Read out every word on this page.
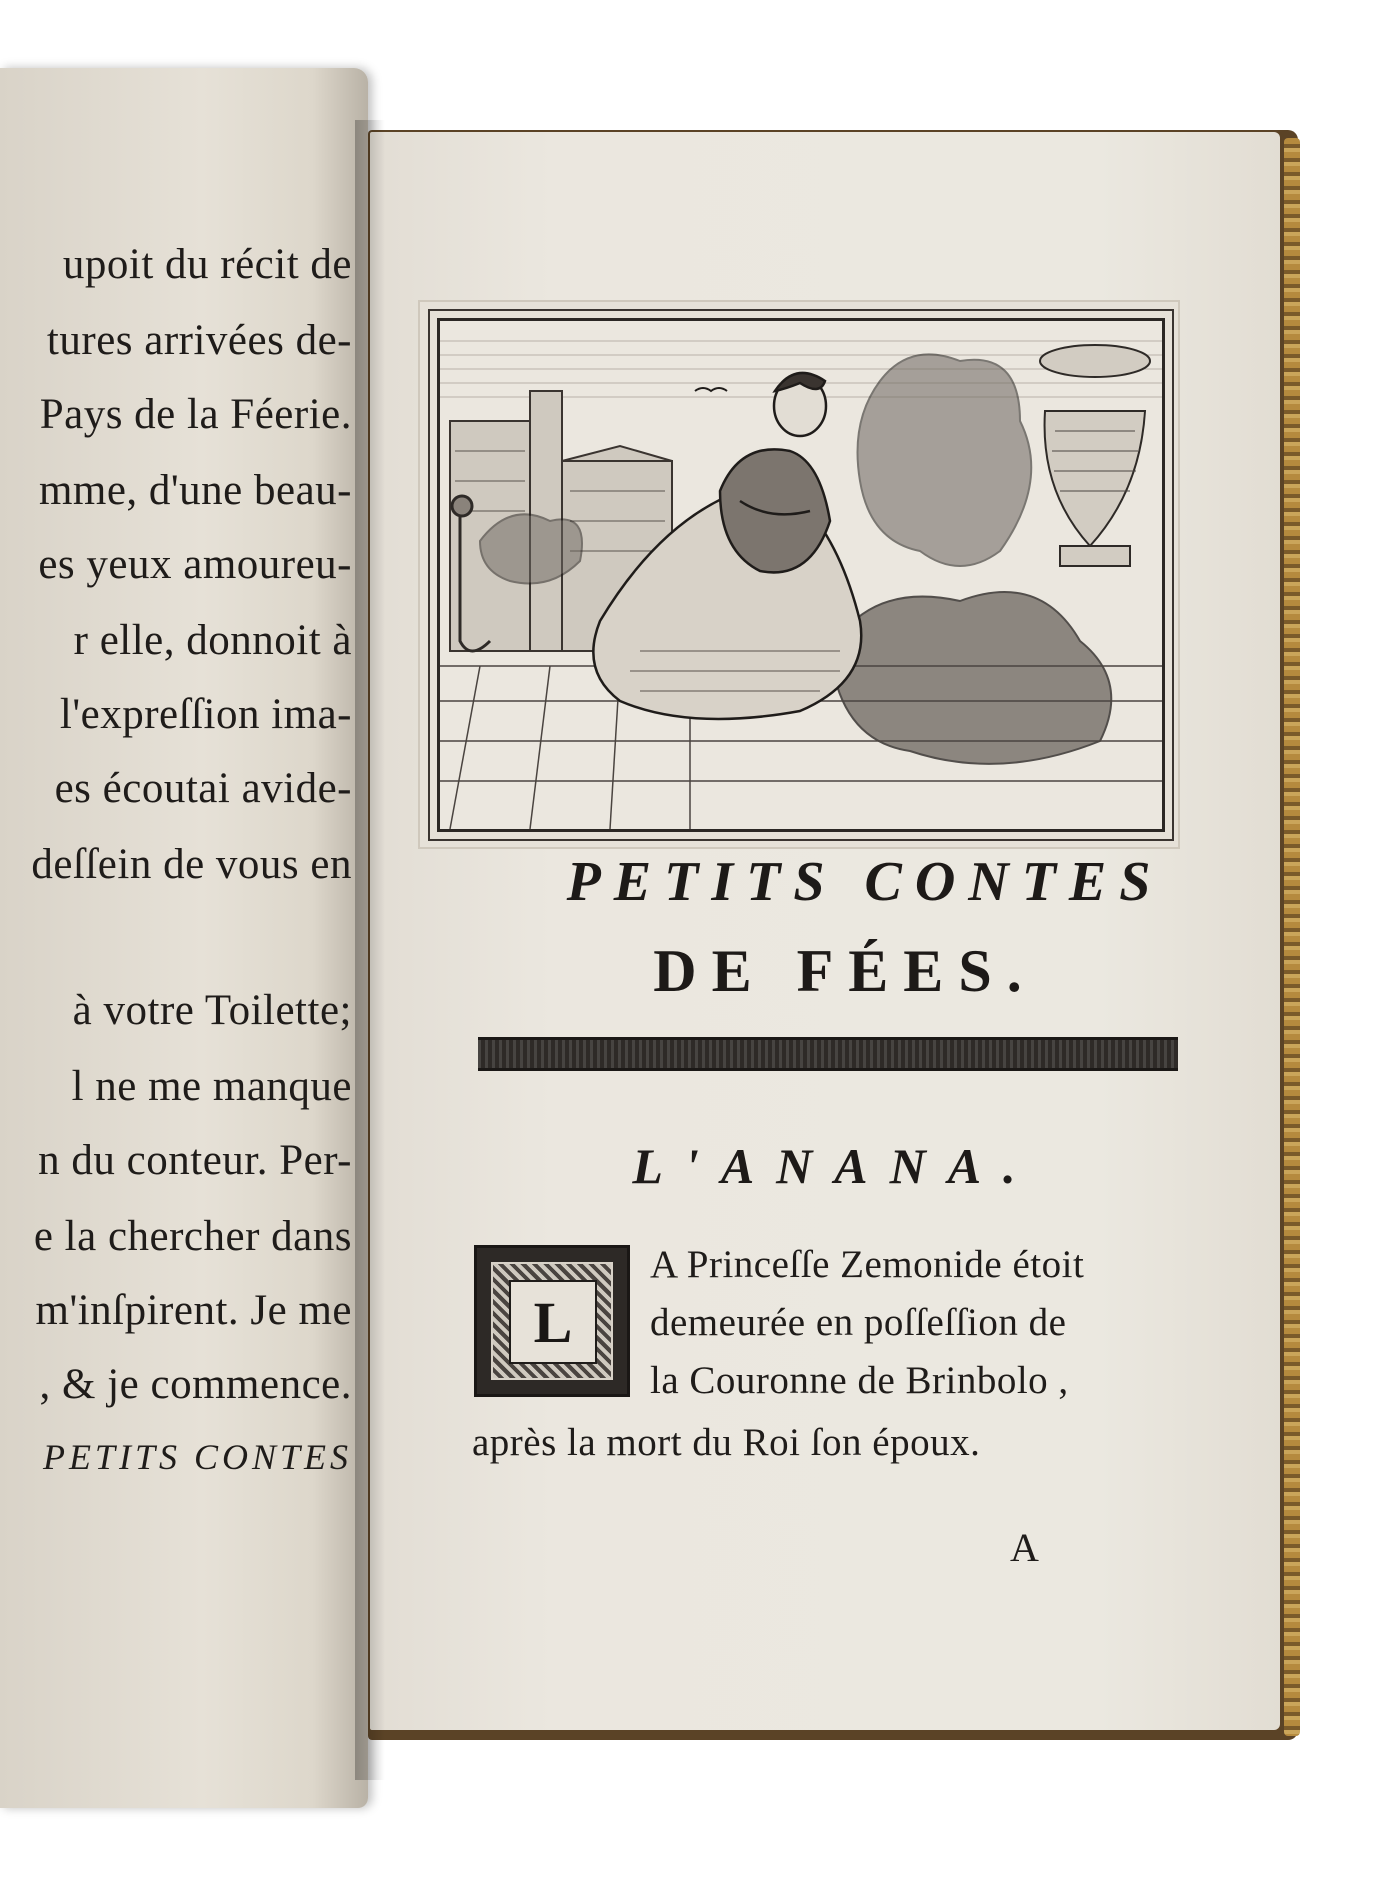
upoit du récit de

tures arrivées de-

Pays de la Féerie.

mme, d'une beau-

es yeux amoureu-

r elle, donnoit à

l'expreſſion ima-

es écoutai avide-

deſſein de vous en

à votre Toilette;

l ne me manque

n du conteur. Per-

e la chercher dans

m'inſpirent. Je me

, & je commence.

PETITS CONTES
PETITS CONTES
DE FÉES.
L'ANANA.
L

A Princeſſe Zemonide étoit

demeurée en poſſeſſion de

la Couronne de Brinbolo ,

après la mort du Roi ſon époux.

A
